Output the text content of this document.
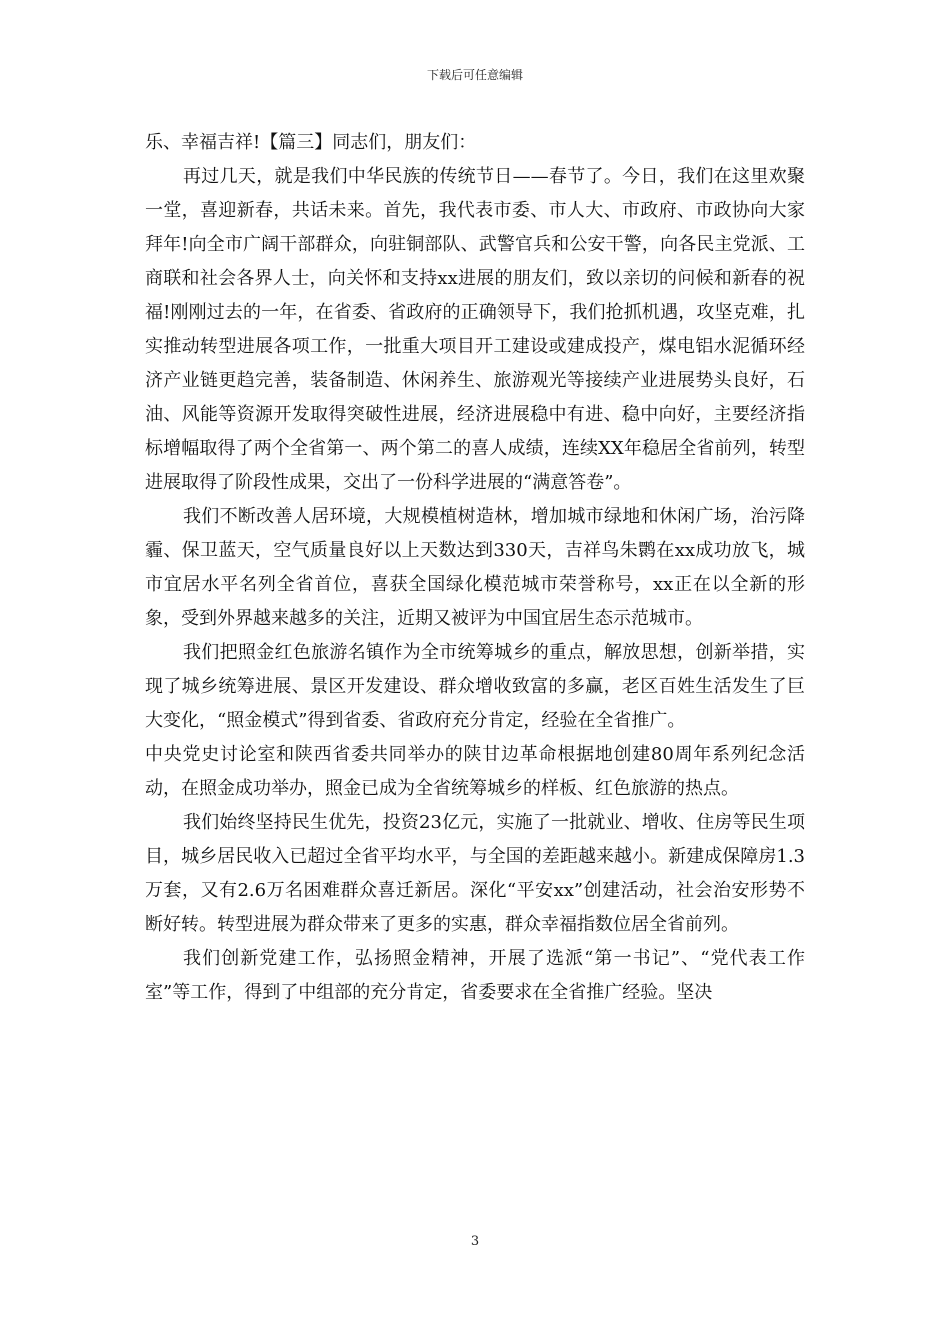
下载后可任意编辑

乐、幸福吉祥!【篇三】同志们，朋友们：

再过几天，就是我们中华民族的传统节日——春节了。今日，我们在这里欢聚一堂，喜迎新春，共话未来。首先，我代表市委、市人大、市政府、市政协向大家拜年!向全市广阔干部群众，向驻铜部队、武警官兵和公安干警，向各民主党派、工商联和社会各界人士，向关怀和支持xx进展的朋友们，致以亲切的问候和新春的祝福!刚刚过去的一年，在省委、省政府的正确领导下，我们抢抓机遇，攻坚克难，扎实推动转型进展各项工作，一批重大项目开工建设或建成投产，煤电铝水泥循环经济产业链更趋完善，装备制造、休闲养生、旅游观光等接续产业进展势头良好，石油、风能等资源开发取得突破性进展，经济进展稳中有进、稳中向好，主要经济指标增幅取得了两个全省第一、两个第二的喜人成绩，连续XX年稳居全省前列，转型进展取得了阶段性成果，交出了一份科学进展的“满意答卷”。

我们不断改善人居环境，大规模植树造林，增加城市绿地和休闲广场，治污降霾、保卫蓝天，空气质量良好以上天数达到330天，吉祥鸟朱鹮在xx成功放飞，城市宜居水平名列全省首位，喜获全国绿化模范城市荣誉称号，xx正在以全新的形象，受到外界越来越多的关注，近期又被评为中国宜居生态示范城市。

我们把照金红色旅游名镇作为全市统筹城乡的重点，解放思想，创新举措，实现了城乡统筹进展、景区开发建设、群众增收致富的多赢，老区百姓生活发生了巨大变化，“照金模式”得到省委、省政府充分肯定，经验在全省推广。

中央党史讨论室和陕西省委共同举办的陕甘边革命根据地创建80周年系列纪念活动，在照金成功举办，照金已成为全省统筹城乡的样板、红色旅游的热点。

我们始终坚持民生优先，投资23亿元，实施了一批就业、增收、住房等民生项目，城乡居民收入已超过全省平均水平，与全国的差距越来越小。新建成保障房1.3万套，又有2.6万名困难群众喜迁新居。深化“平安xx”创建活动，社会治安形势不断好转。转型进展为群众带来了更多的实惠，群众幸福指数位居全省前列。

我们创新党建工作，弘扬照金精神，开展了选派“第一书记”、“党代表工作室”等工作，得到了中组部的充分肯定，省委要求在全省推广经验。坚决

3
